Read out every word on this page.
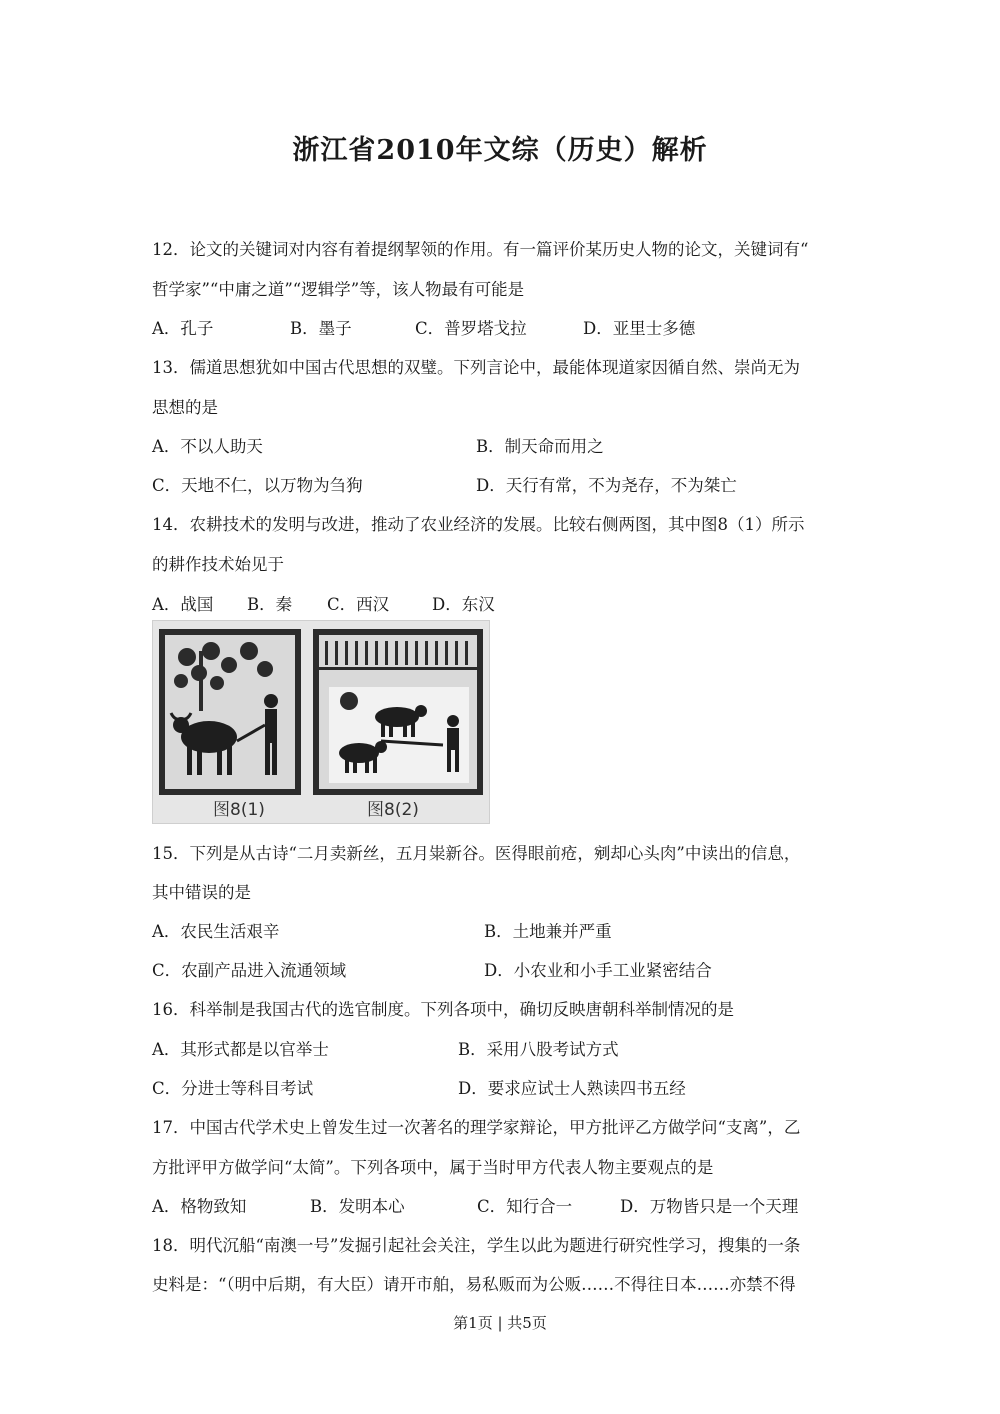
浙江省2010年文综（历史）解析
12．论文的关键词对内容有着提纲挈领的作用。有一篇评价某历史人物的论文，关键词有“
哲学家”“中庸之道”“逻辑学”等，该人物最有可能是
A．孔子	B．墨子	C．普罗塔戈拉	D．亚里士多德
13．儒道思想犹如中国古代思想的双璧。下列言论中，最能体现道家因循自然、崇尚无为
思想的是
A．不以人助天	B．制天命而用之
C．天地不仁，以万物为刍狗	D．天行有常，不为尧存，不为桀亡
14．农耕技术的发明与改进，推动了农业经济的发展。比较右侧两图，其中图8（1）所示
的耕作技术始见于
A．战国 B．秦 C．西汉	D．东汉
图8(1)	图8(2)
15．下列是从古诗“二月卖新丝，五月粜新谷。医得眼前疮，剜却心头肉”中读出的信息，
其中错误的是
A．农民生活艰辛	B．土地兼并严重
C．农副产品进入流通领域	D．小农业和小手工业紧密结合
16．科举制是我国古代的选官制度。下列各项中，确切反映唐朝科举制情况的是
A．其形式都是以官举士	B．采用八股考试方式
C．分进士等科目考试	D．要求应试士人熟读四书五经
17．中国古代学术史上曾发生过一次著名的理学家辩论，甲方批评乙方做学问“支离”，乙
方批评甲方做学问“太简”。下列各项中，属于当时甲方代表人物主要观点的是
A．格物致知	B．发明本心	C．知行合一	D．万物皆只是一个天理
18．明代沉船“南澳一号”发掘引起社会关注，学生以此为题进行研究性学习，搜集的一条
史料是：“（明中后期，有大臣）请开市舶，易私贩而为公贩……不得往日本……亦禁不得
第1页 | 共5页
